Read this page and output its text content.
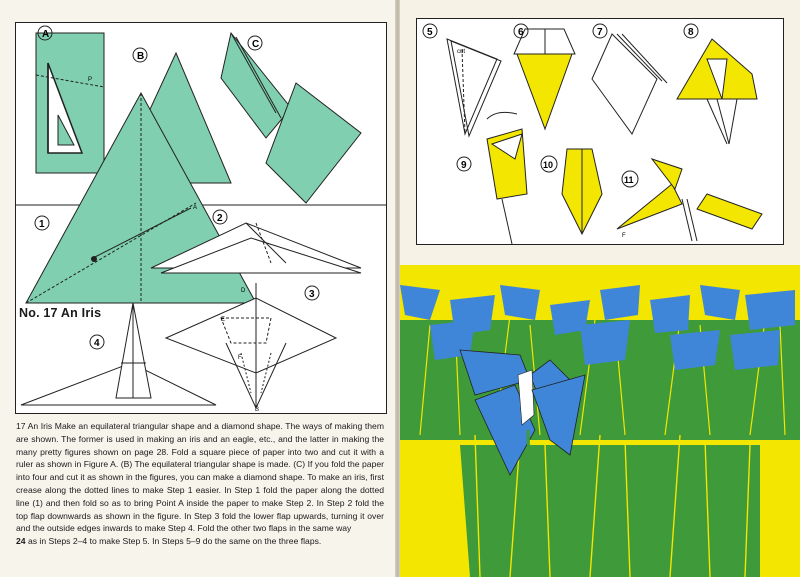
A
B
C
1
2
3
4
P
A
D
E
F
B
No. 17 An Iris

17 An Iris Make an equilateral triangular shape and a diamond shape. The ways of making them are shown. The former is used in making an iris and an eagle, etc., and the latter in making the many pretty figures shown on page 28. Fold a square piece of paper into two and cut it with a ruler as shown in Figure A. (B) The equilateral triangular shape is made. (C) If you fold the paper into four and cut it as shown in the figures, you can make a diamond shape. To make an iris, first crease along the dotted lines to make Step 1 easier. In Step 1 fold the paper along the dotted line (1) and then fold so as to bring Point A inside the paper to make Step 2. In Step 2 fold the top flap downwards as shown in the figure. In Step 3 fold the lower flap upwards, turning it over and the outside edges inwards to make Step 4. Fold the other two flaps in the same way
24 as in Steps 2–4 to make Step 5. In Steps 5–9 do the same on the three flaps.

cut
F
5	6	7	8
9	10
11
